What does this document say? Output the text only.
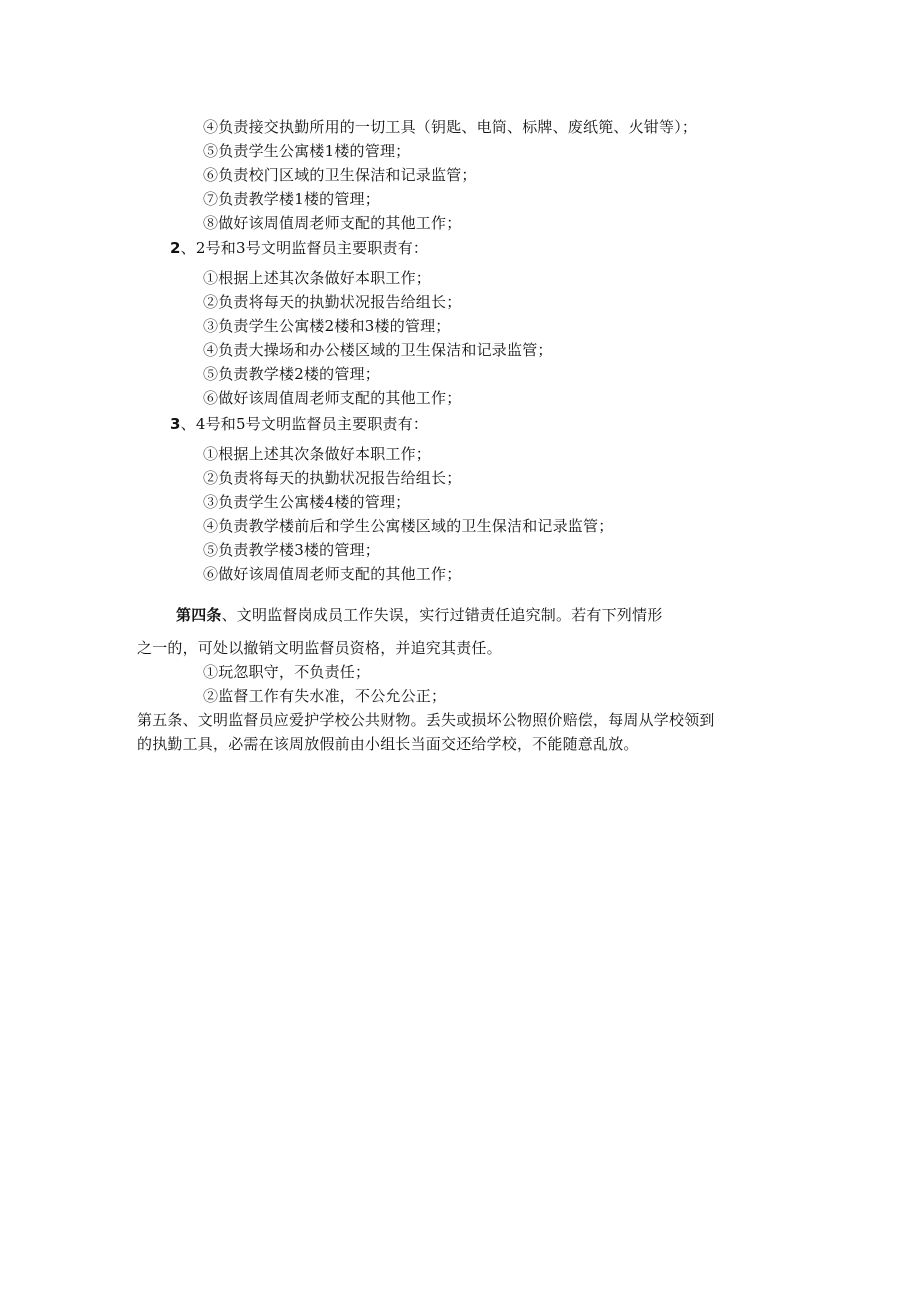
④负责接交执勤所用的一切工具（钥匙、电筒、标牌、废纸篼、火钳等）；
⑤负责学生公寓楼1楼的管理；
⑥负责校门区域的卫生保洁和记录监管；
⑦负责教学楼1楼的管理；
⑧做好该周值周老师支配的其他工作；
2、2号和3号文明监督员主要职责有：
①根据上述其次条做好本职工作；
②负责将每天的执勤状况报告给组长；
③负责学生公寓楼2楼和3楼的管理；
④负责大操场和办公楼区域的卫生保洁和记录监管；
⑤负责教学楼2楼的管理；
⑥做好该周值周老师支配的其他工作；
3、4号和5号文明监督员主要职责有：
①根据上述其次条做好本职工作；
②负责将每天的执勤状况报告给组长；
③负责学生公寓楼4楼的管理；
④负责教学楼前后和学生公寓楼区域的卫生保洁和记录监管；
⑤负责教学楼3楼的管理；
⑥做好该周值周老师支配的其他工作；
第四条、文明监督岗成员工作失误，实行过错责任追究制。若有下列情形
之一的，可处以撤销文明监督员资格，并追究其责任。
①玩忽职守，不负责任；
②监督工作有失水准，不公允公正；
第五条、文明监督员应爱护学校公共财物。丢失或损坏公物照价赔偿，每周从学校领到
的执勤工具，必需在该周放假前由小组长当面交还给学校，不能随意乱放。
